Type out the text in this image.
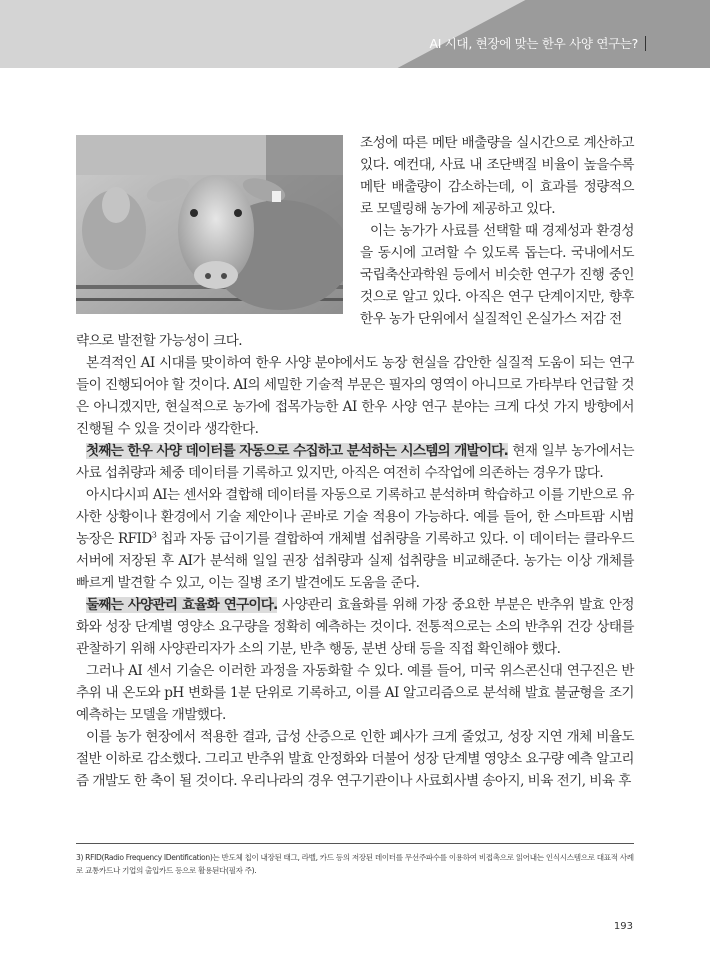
AI 시대, 현장에 맞는 한우 사양 연구는?

조성에 따른 메탄 배출량을 실시간으로 계산하고 있다. 예컨대, 사료 내 조단백질 비율이 높을수록 메탄 배출량이 감소하는데, 이 효과를 정량적으로 모델링해 농가에 제공하고 있다.

이는 농가가 사료를 선택할 때 경제성과 환경성을 동시에 고려할 수 있도록 돕는다. 국내에서도 국립축산과학원 등에서 비슷한 연구가 진행 중인 것으로 알고 있다. 아직은 연구 단계이지만, 향후 한우 농가 단위에서 실질적인 온실가스 저감 전

략으로 발전할 가능성이 크다.

본격적인 AI 시대를 맞이하여 한우 사양 분야에서도 농장 현실을 감안한 실질적 도움이 되는 연구들이 진행되어야 할 것이다. AI의 세밀한 기술적 부문은 필자의 영역이 아니므로 가타부타 언급할 것은 아니겠지만, 현실적으로 농가에 접목가능한 AI 한우 사양 연구 분야는 크게 다섯 가지 방향에서 진행될 수 있을 것이라 생각한다.

첫째는 한우 사양 데이터를 자동으로 수집하고 분석하는 시스템의 개발이다. 현재 일부 농가에서는 사료 섭취량과 체중 데이터를 기록하고 있지만, 아직은 여전히 수작업에 의존하는 경우가 많다.

아시다시피 AI는 센서와 결합해 데이터를 자동으로 기록하고 분석하며 학습하고 이를 기반으로 유사한 상황이나 환경에서 기술 제안이나 곧바로 기술 적용이 가능하다. 예를 들어, 한 스마트팜 시범 농장은 RFID$^3$ 칩과 자동 급이기를 결합하여 개체별 섭취량을 기록하고 있다. 이 데이터는 클라우드 서버에 저장된 후 AI가 분석해 일일 권장 섭취량과 실제 섭취량을 비교해준다. 농가는 이상 개체를 빠르게 발견할 수 있고, 이는 질병 조기 발견에도 도움을 준다.

둘째는 사양관리 효율화 연구이다. 사양관리 효율화를 위해 가장 중요한 부분은 반추위 발효 안정화와 성장 단계별 영양소 요구량을 정확히 예측하는 것이다. 전통적으로는 소의 반추위 건강 상태를 관찰하기 위해 사양관리자가 소의 기분, 반추 행동, 분변 상태 등을 직접 확인해야 했다.

그러나 AI 센서 기술은 이러한 과정을 자동화할 수 있다. 예를 들어, 미국 위스콘신대 연구진은 반추위 내 온도와 pH 변화를 1분 단위로 기록하고, 이를 AI 알고리즘으로 분석해 발효 불균형을 조기 예측하는 모델을 개발했다.

이를 농가 현장에서 적용한 결과, 급성 산증으로 인한 폐사가 크게 줄었고, 성장 지연 개체 비율도 절반 이하로 감소했다. 그리고 반추위 발효 안정화와 더불어 성장 단계별 영양소 요구량 예측 알고리즘 개발도 한 축이 될 것이다. 우리나라의 경우 연구기관이나 사료회사별 송아지, 비육 전기, 비육 후

3) RFID(Radio Frequency IDentification)는 반도체 칩이 내장된 태그, 라벨, 카드 등의 저장된 데이터를 무선주파수를 이용하여 비접촉으로 읽어내는 인식시스템으로 대표적 사례로 교통카드나 기업의 출입카드 등으로 활용된다(필자 주).
193
